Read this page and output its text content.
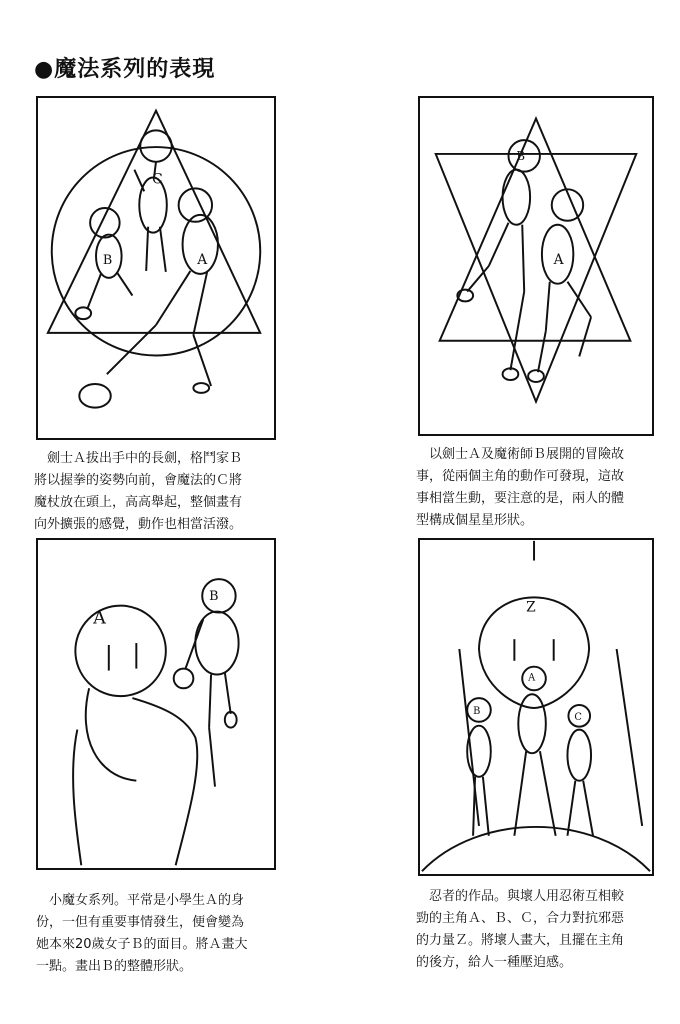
●魔法系列的表現
C
B	A
　劍士Ａ拔出手中的長劍，格鬥家Ｂ
將以握拳的姿勢向前，會魔法的Ｃ將
魔杖放在頭上，高高舉起，整個畫有
向外擴張的感覺，動作也相當活潑。
B
A
　以劍士Ａ及魔術師Ｂ展開的冒險故
事，從兩個主角的動作可發現，這故
事相當生動，要注意的是，兩人的體
型構成個星星形狀。
A
B
　小魔女系列。平常是小學生Ａ的身
份，一但有重要事情發生，便會變為
她本來20歲女子Ｂ的面目。將Ａ畫大
一點。畫出Ｂ的整體形狀。
Z
A
B
C
　忍者的作品。與壞人用忍術互相較
勁的主角Ａ、Ｂ、Ｃ，合力對抗邪惡
的力量Ｚ。將壞人畫大，且擺在主角
的後方，給人一種壓迫感。
